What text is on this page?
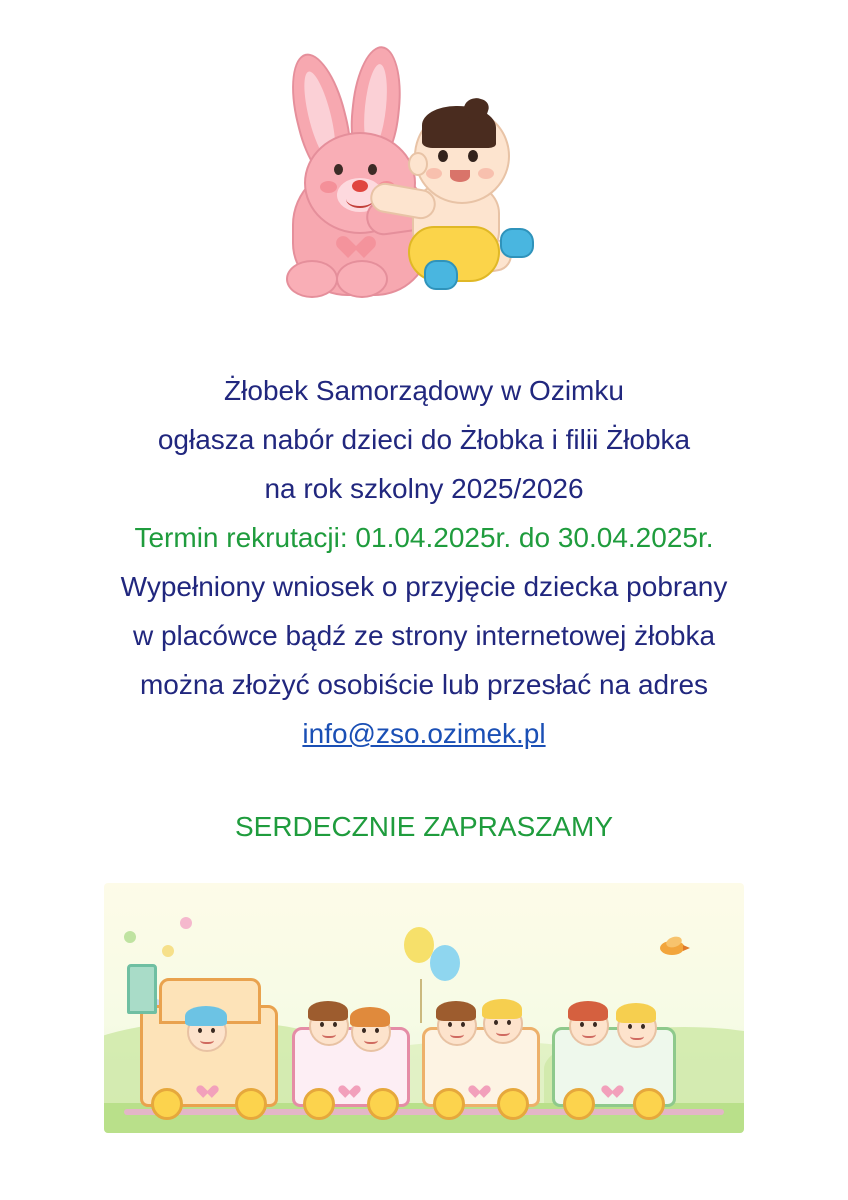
Żłobek Samorządowy w Ozimku
ogłasza nabór dzieci do Żłobka i filii Żłobka
na rok szkolny 2025/2026
Termin rekrutacji: 01.04.2025r. do 30.04.2025r.
Wypełniony wniosek o przyjęcie dziecka pobrany
w placówce bądź ze strony internetowej żłobka
można złożyć osobiście lub przesłać na adres
info@zso.ozimek.pl
SERDECZNIE ZAPRASZAMY
